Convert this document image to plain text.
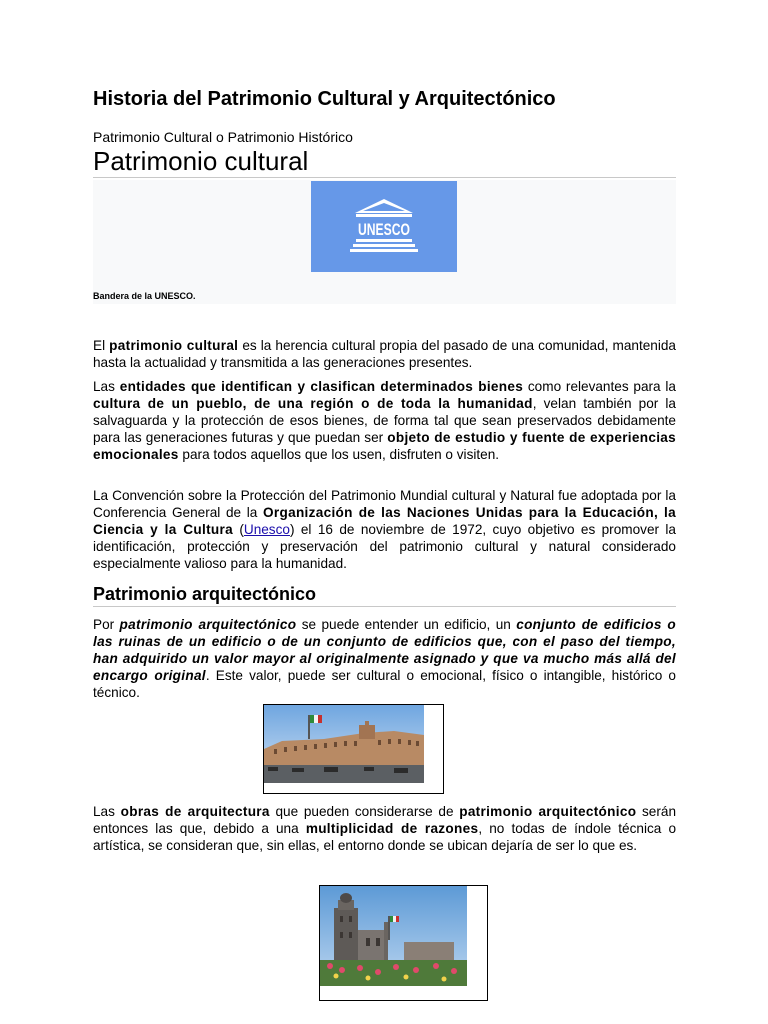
Historia del Patrimonio Cultural y Arquitectónico
Patrimonio Cultural o Patrimonio Histórico
Patrimonio cultural
UNESCO
Bandera de la UNESCO.

El patrimonio cultural es la herencia cultural propia del pasado de una comunidad, mantenida hasta la actualidad y transmitida a las generaciones presentes.

Las entidades que identifican y clasifican determinados bienes como relevantes para la cultura de un pueblo, de una región o de toda la humanidad, velan también por la salvaguarda y la protección de esos bienes, de forma tal que sean preservados debidamente para las generaciones futuras y que puedan ser objeto de estudio y fuente de experiencias emocionales para todos aquellos que los usen, disfruten o visiten.

La Convención sobre la Protección del Patrimonio Mundial cultural y Natural fue adoptada por la Conferencia General de la Organización de las Naciones Unidas para la Educación, la Ciencia y la Cultura (Unesco) el 16 de noviembre de 1972, cuyo objetivo es promover la identificación, protección y preservación del patrimonio cultural y natural considerado especialmente valioso para la humanidad.

Patrimonio arquitectónico

Por patrimonio arquitectónico se puede entender un edificio, un conjunto de edificios o las ruinas de un edificio o de un conjunto de edificios que, con el paso del tiempo, han adquirido un valor mayor al originalmente asignado y que va mucho más allá del encargo original. Este valor, puede ser cultural o emocional, físico o intangible, histórico o técnico.

Las obras de arquitectura que pueden considerarse de patrimonio arquitectónico serán entonces las que, debido a una multiplicidad de razones, no todas de índole técnica o artística, se consideran que, sin ellas, el entorno donde se ubican dejaría de ser lo que es.
